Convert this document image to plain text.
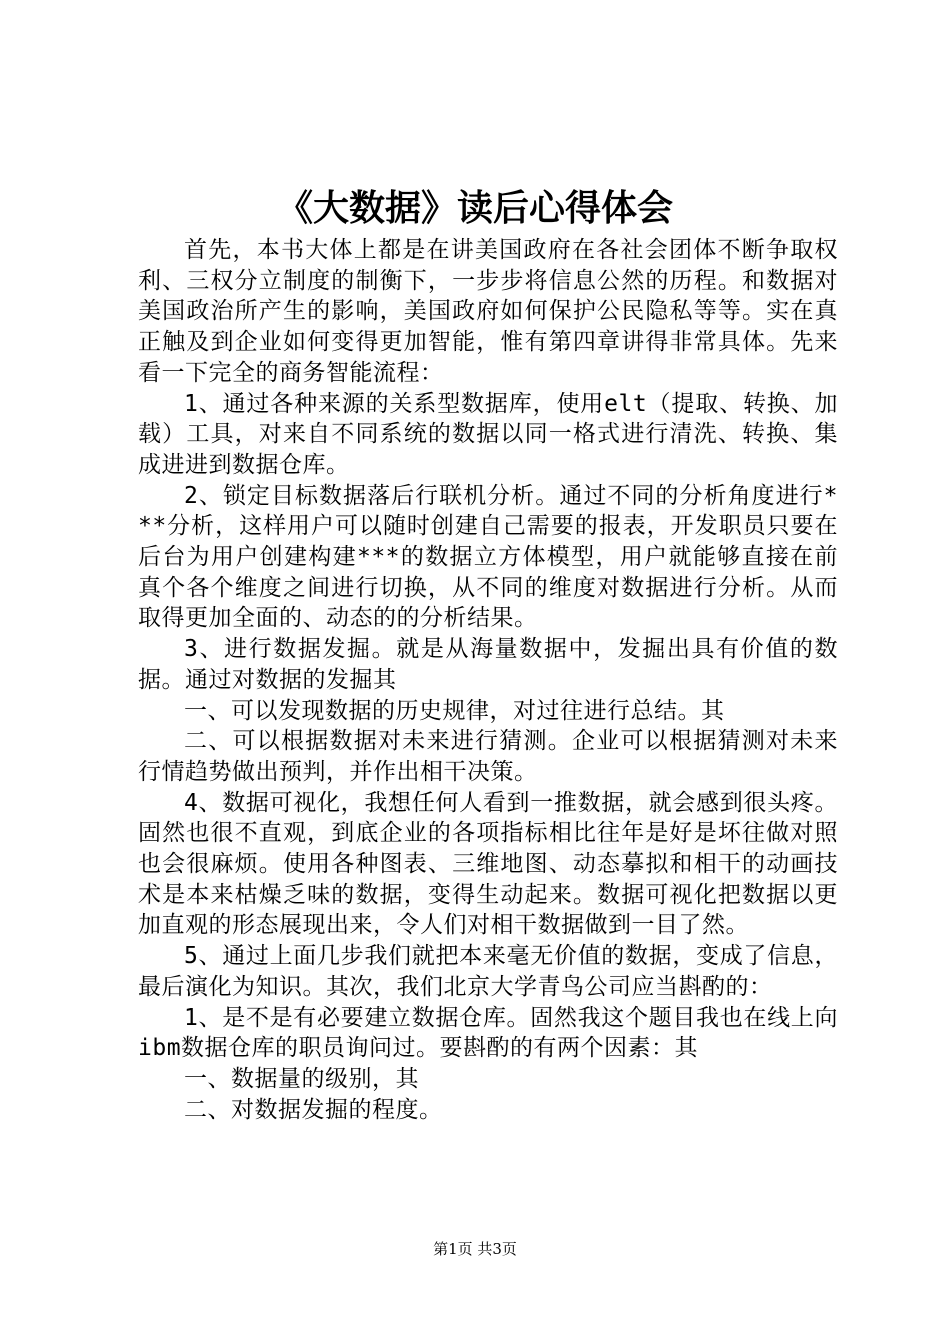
《大数据》读后心得体会

首先，本书大体上都是在讲美国政府在各社会团体不断争取权利、三权分立制度的制衡下，一步步将信息公然的历程。和数据对美国政治所产生的影响，美国政府如何保护公民隐私等等。实在真正触及到企业如何变得更加智能，惟有第四章讲得非常具体。先来看一下完全的商务智能流程：

1、通过各种来源的关系型数据库，使用elt（提取、转换、加载）工具，对来自不同系统的数据以同一格式进行清洗、转换、集成进进到数据仓库。

2、锁定目标数据落后行联机分析。通过不同的分析角度进行***分析，这样用户可以随时创建自己需要的报表，开发职员只要在后台为用户创建构建***的数据立方体模型，用户就能够直接在前真个各个维度之间进行切换，从不同的维度对数据进行分析。从而取得更加全面的、动态的的分析结果。

3、进行数据发掘。就是从海量数据中，发掘出具有价值的数据。通过对数据的发掘其

一、可以发现数据的历史规律，对过往进行总结。其

二、可以根据数据对未来进行猜测。企业可以根据猜测对未来行情趋势做出预判，并作出相干决策。

4、数据可视化，我想任何人看到一推数据，就会感到很头疼。固然也很不直观，到底企业的各项指标相比往年是好是坏往做对照也会很麻烦。使用各种图表、三维地图、动态摹拟和相干的动画技术是本来枯燥乏味的数据，变得生动起来。数据可视化把数据以更加直观的形态展现出来，令人们对相干数据做到一目了然。

5、通过上面几步我们就把本来毫无价值的数据，变成了信息，最后演化为知识。其次，我们北京大学青鸟公司应当斟酌的：

1、是不是有必要建立数据仓库。固然我这个题目我也在线上向ibm数据仓库的职员询问过。要斟酌的有两个因素：其

一、数据量的级别，其

二、对数据发掘的程度。

第1页 共3页
